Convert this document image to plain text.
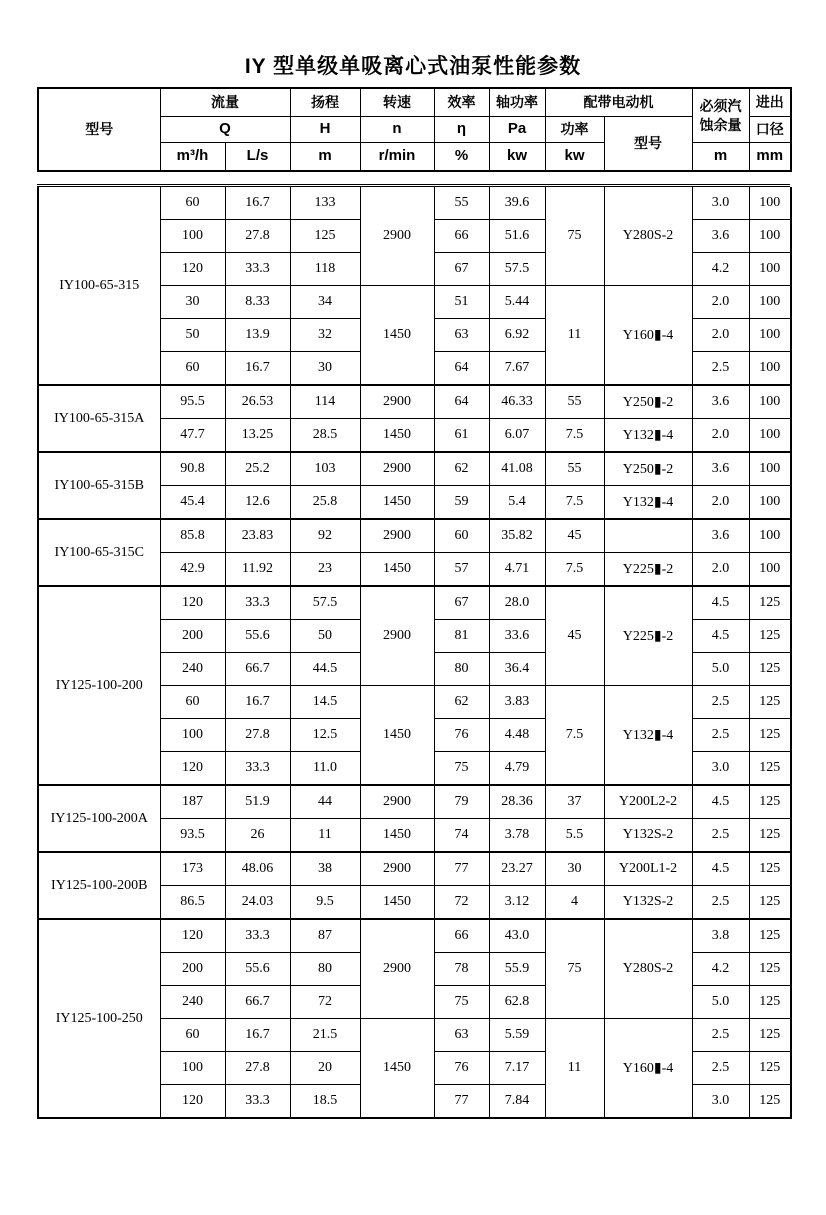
IY 型单级单吸离心式油泵性能参数
型号	流量		扬程	转速	效率	轴功率	配带电动机		必须汽蚀余量	进出
	Q		H	n	η	Pa	功率	型号		口径
	m³/h	L/s	m	r/min	%	kw	kw		m	mm
IY100-65-315	60	16.7	133	2900	55	39.6	75	Y280S-2	3.0	100
	100	27.8	125		66	51.6			3.6	100
	120	33.3	118		67	57.5			4.2	100
	30	8.33	34	1450	51	5.44	11	Y160▮-4	2.0	100
	50	13.9	32		63	6.92			2.0	100
	60	16.7	30		64	7.67			2.5	100
IY100-65-315A	95.5	26.53	114	2900	64	46.33	55	Y250▮-2	3.6	100
	47.7	13.25	28.5	1450	61	6.07	7.5	Y132▮-4	2.0	100
IY100-65-315B	90.8	25.2	103	2900	62	41.08	55	Y250▮-2	3.6	100
	45.4	12.6	25.8	1450	59	5.4	7.5	Y132▮-4	2.0	100
IY100-65-315C	85.8	23.83	92	2900	60	35.82	45		3.6	100
	42.9	11.92	23	1450	57	4.71	7.5	Y225▮-2	2.0	100
IY125-100-200	120	33.3	57.5	2900	67	28.0	45	Y225▮-2	4.5	125
	200	55.6	50		81	33.6			4.5	125
	240	66.7	44.5		80	36.4			5.0	125
	60	16.7	14.5	1450	62	3.83	7.5	Y132▮-4	2.5	125
	100	27.8	12.5		76	4.48			2.5	125
	120	33.3	11.0		75	4.79			3.0	125
IY125-100-200A	187	51.9	44	2900	79	28.36	37	Y200L2-2	4.5	125
	93.5	26	11	1450	74	3.78	5.5	Y132S-2	2.5	125
IY125-100-200B	173	48.06	38	2900	77	23.27	30	Y200L1-2	4.5	125
	86.5	24.03	9.5	1450	72	3.12	4	Y132S-2	2.5	125
IY125-100-250	120	33.3	87	2900	66	43.0	75	Y280S-2	3.8	125
	200	55.6	80		78	55.9			4.2	125
	240	66.7	72		75	62.8			5.0	125
	60	16.7	21.5	1450	63	5.59	11	Y160▮-4	2.5	125
	100	27.8	20		76	7.17			2.5	125
	120	33.3	18.5		77	7.84			3.0	125
